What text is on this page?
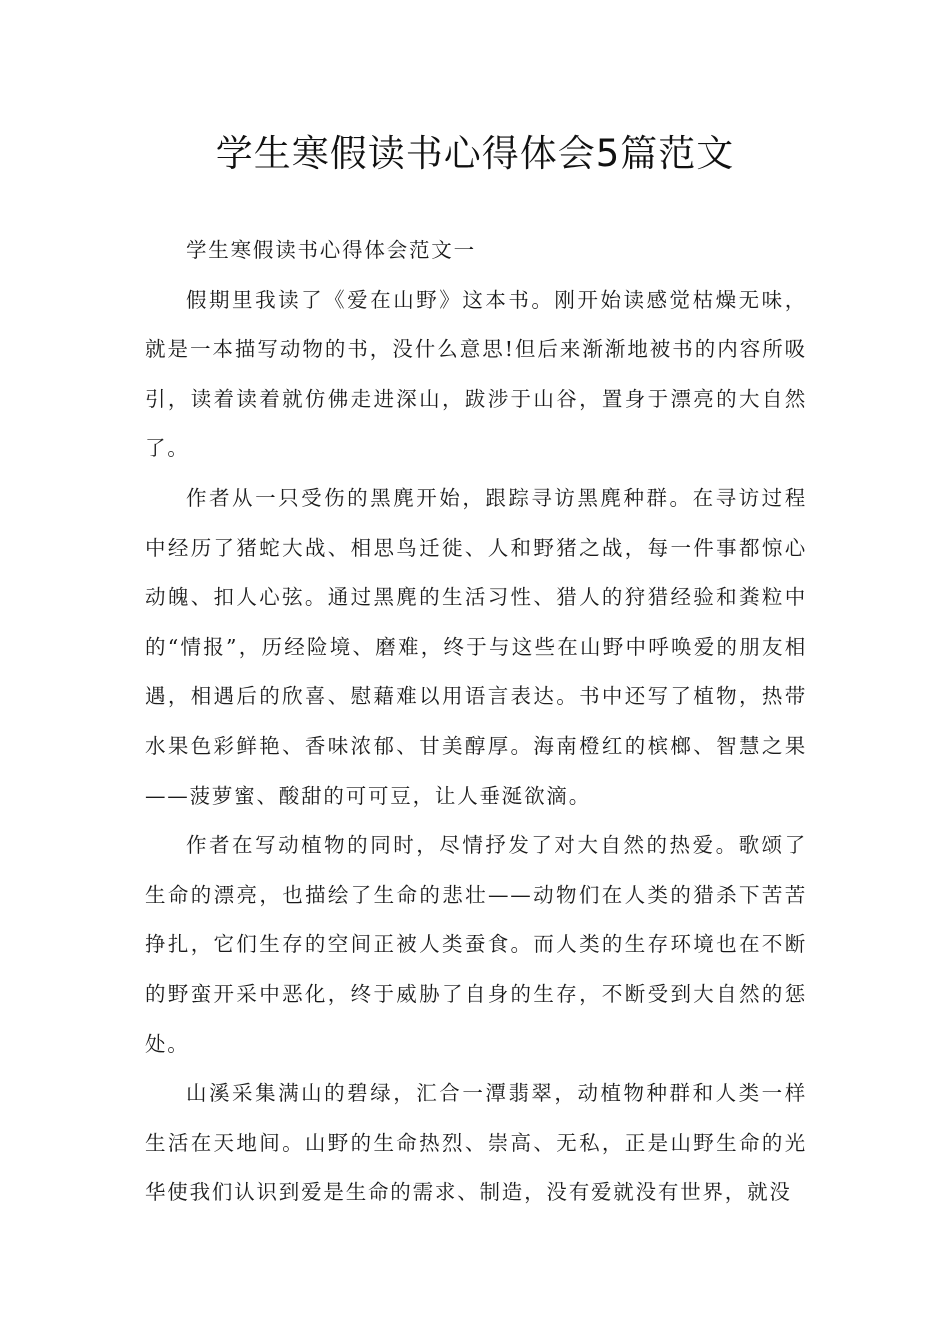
学生寒假读书心得体会5篇范文

学生寒假读书心得体会范文一

假期里我读了《爱在山野》这本书。刚开始读感觉枯燥无味，就是一本描写动物的书，没什么意思!但后来渐渐地被书的内容所吸引，读着读着就仿佛走进深山，跋涉于山谷，置身于漂亮的大自然了。

作者从一只受伤的黑麂开始，跟踪寻访黑麂种群。在寻访过程中经历了猪蛇大战、相思鸟迁徙、人和野猪之战，每一件事都惊心动魄、扣人心弦。通过黑麂的生活习性、猎人的狩猎经验和粪粒中的“情报”，历经险境、磨难，终于与这些在山野中呼唤爱的朋友相遇，相遇后的欣喜、慰藉难以用语言表达。书中还写了植物，热带水果色彩鲜艳、香味浓郁、甘美醇厚。海南橙红的槟榔、智慧之果——菠萝蜜、酸甜的可可豆，让人垂涎欲滴。

作者在写动植物的同时，尽情抒发了对大自然的热爱。歌颂了生命的漂亮，也描绘了生命的悲壮——动物们在人类的猎杀下苦苦挣扎，它们生存的空间正被人类蚕食。而人类的生存环境也在不断的野蛮开采中恶化，终于威胁了自身的生存，不断受到大自然的惩处。

山溪采集满山的碧绿，汇合一潭翡翠，动植物种群和人类一样生活在天地间。山野的生命热烈、崇高、无私，正是山野生命的光华使我们认识到爱是生命的需求、制造，没有爱就没有世界，就没
